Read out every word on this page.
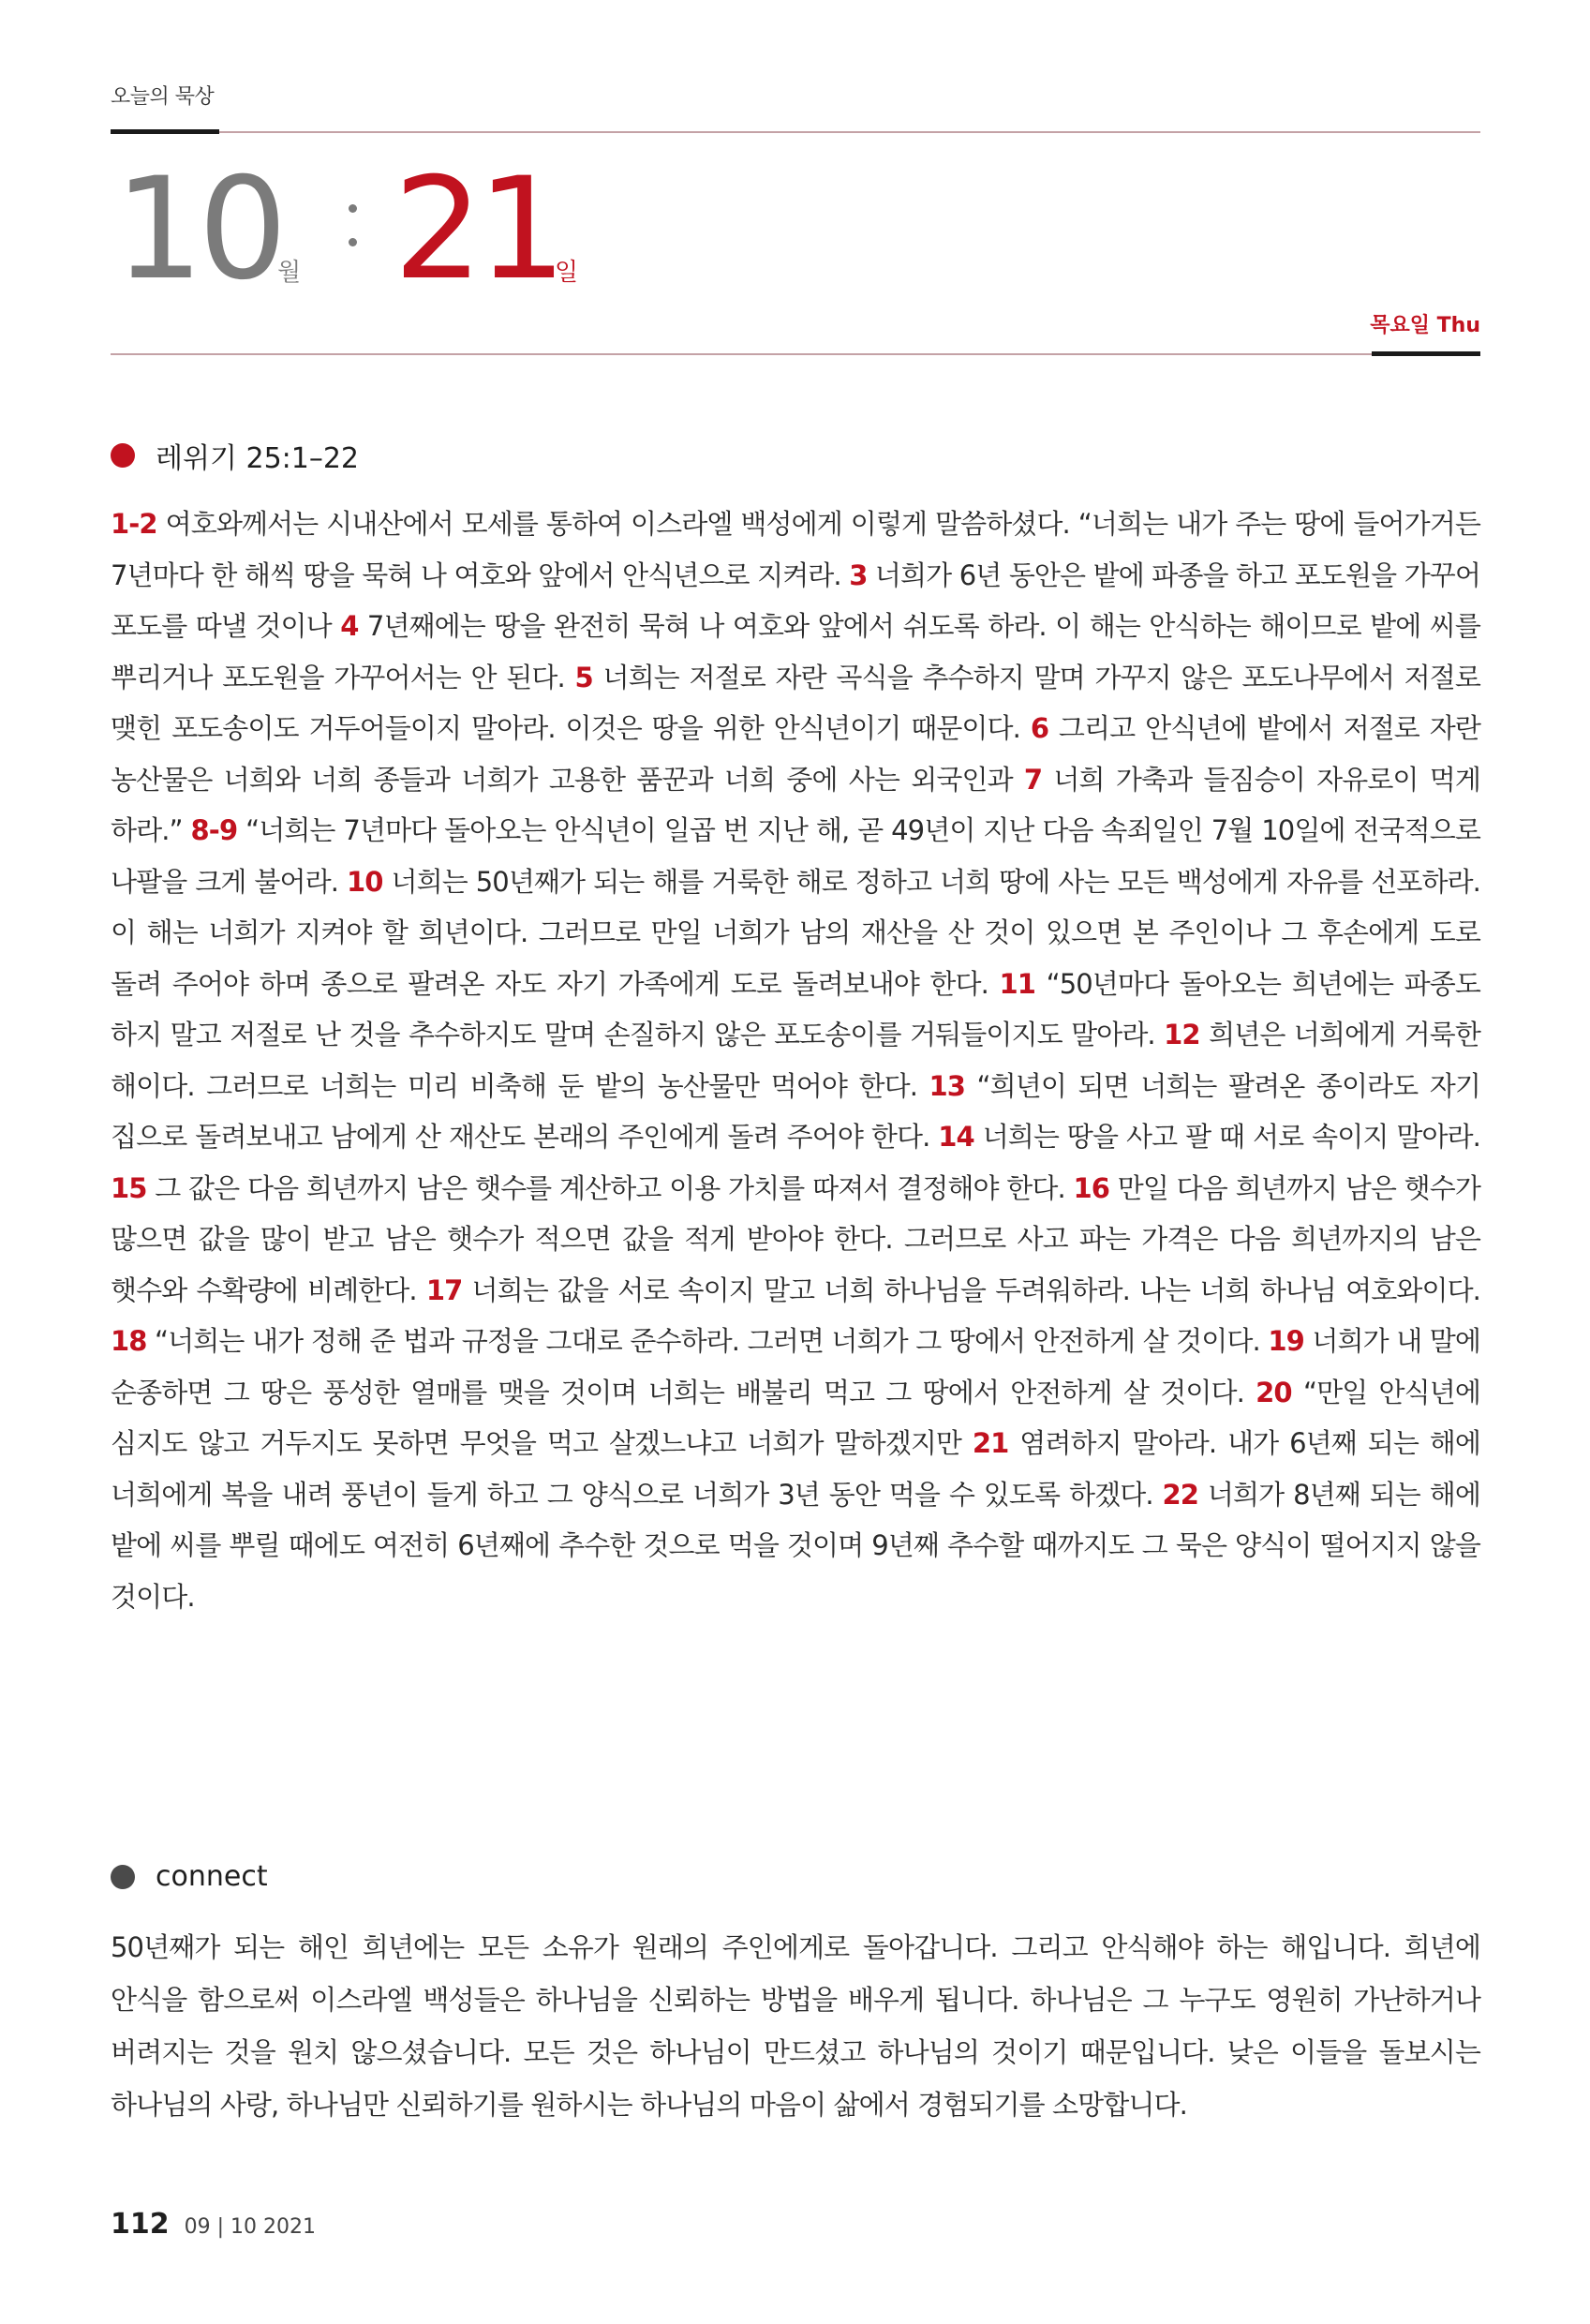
오늘의 묵상
10
월 21
일
목요일 Thu
레위기 25:1–22
1-2 여호와께서는 시내산에서 모세를 통하여 이스라엘 백성에게 이렇게 말씀하셨다. “너희는 내가 주는 땅에 들어가거든 7년마다 한 해씩 땅을 묵혀 나 여호와 앞에서 안식년으로 지켜라. 3 너희가 6년 동안은 밭에 파종을 하고 포도원을 가꾸어 포도를 따낼 것이나 4 7년째에는 땅을 완전히 묵혀 나 여호와 앞에서 쉬도록 하라. 이 해는 안식하는 해이므로 밭에 씨를 뿌리거나 포도원을 가꾸어서는 안 된다. 5 너희는 저절로 자란 곡식을 추수하지 말며 가꾸지 않은 포도나무에서 저절로 맺힌 포도송이도 거두어들이지 말아라. 이것은 땅을 위한 안식년이기 때문이다. 6 그리고 안식년에 밭에서 저절로 자란 농산물은 너희와 너희 종들과 너희가 고용한 품꾼과 너희 중에 사는 외국인과 7 너희 가축과 들짐승이 자유로이 먹게 하라.” 8-9 “너희는 7년마다 돌아오는 안식년이 일곱 번 지난 해, 곧 49년이 지난 다음 속죄일인 7월 10일에 전국적으로 나팔을 크게 불어라. 10 너희는 50년째가 되는 해를 거룩한 해로 정하고 너희 땅에 사는 모든 백성에게 자유를 선포하라. 이 해는 너희가 지켜야 할 희년이다. 그러므로 만일 너희가 남의 재산을 산 것이 있으면 본 주인이나 그 후손에게 도로 돌려 주어야 하며 종으로 팔려온 자도 자기 가족에게 도로 돌려보내야 한다. 11 “50년마다 돌아오는 희년에는 파종도 하지 말고 저절로 난 것을 추수하지도 말며 손질하지 않은 포도송이를 거둬들이지도 말아라. 12 희년은 너희에게 거룩한 해이다. 그러므로 너희는 미리 비축해 둔 밭의 농산물만 먹어야 한다. 13 “희년이 되면 너희는 팔려온 종이라도 자기 집으로 돌려보내고 남에게 산 재산도 본래의 주인에게 돌려 주어야 한다. 14 너희는 땅을 사고 팔 때 서로 속이지 말아라. 15 그 값은 다음 희년까지 남은 햇수를 계산하고 이용 가치를 따져서 결정해야 한다. 16 만일 다음 희년까지 남은 햇수가 많으면 값을 많이 받고 남은 햇수가 적으면 값을 적게 받아야 한다. 그러므로 사고 파는 가격은 다음 희년까지의 남은 햇수와 수확량에 비례한다. 17 너희는 값을 서로 속이지 말고 너희 하나님을 두려워하라. 나는 너희 하나님 여호와이다. 18 “너희는 내가 정해 준 법과 규정을 그대로 준수하라. 그러면 너희가 그 땅에서 안전하게 살 것이다. 19 너희가 내 말에 순종하면 그 땅은 풍성한 열매를 맺을 것이며 너희는 배불리 먹고 그 땅에서 안전하게 살 것이다. 20 “만일 안식년에 심지도 않고 거두지도 못하면 무엇을 먹고 살겠느냐고 너희가 말하겠지만 21 염려하지 말아라. 내가 6년째 되는 해에 너희에게 복을 내려 풍년이 들게 하고 그 양식으로 너희가 3년 동안 먹을 수 있도록 하겠다. 22 너희가 8년째 되는 해에 밭에 씨를 뿌릴 때에도 여전히 6년째에 추수한 것으로 먹을 것이며 9년째 추수할 때까지도 그 묵은 양식이 떨어지지 않을 것이다.
connect
50년째가 되는 해인 희년에는 모든 소유가 원래의 주인에게로 돌아갑니다. 그리고 안식해야 하는 해입니다. 희년에 안식을 함으로써 이스라엘 백성들은 하나님을 신뢰하는 방법을 배우게 됩니다. 하나님은 그 누구도 영원히 가난하거나 버려지는 것을 원치 않으셨습니다. 모든 것은 하나님이 만드셨고 하나님의 것이기 때문입니다. 낮은 이들을 돌보시는 하나님의 사랑, 하나님만 신뢰하기를 원하시는 하나님의 마음이 삶에서 경험되기를 소망합니다.
112 09 | 10 2021
